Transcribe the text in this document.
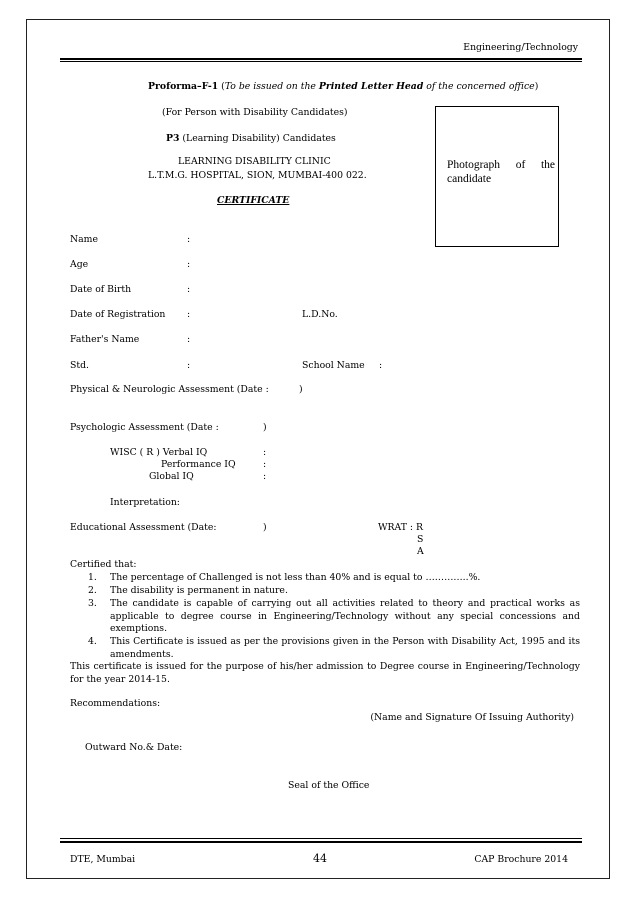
Engineering/Technology
Proforma–F-1 (To be issued on the Printed Letter Head of the concerned office)
(For Person with Disability Candidates)
P3 (Learning Disability) Candidates
LEARNING DISABILITY CLINIC
L.T.M.G. HOSPITAL, SION, MUMBAI-400 022.
CERTIFICATE
Photograph of the
candidate
Name	:
Age	:
Date of Birth	:
Date of Registration :	L.D.No.
Father's Name	:
Std.	:	School Name :
Physical & Neurologic Assessment (Date :	)
Psychologic Assessment (Date :	)
WISC ( R ) Verbal IQ	:
Performance IQ	:
Global IQ	:
Interpretation:
Educational Assessment (Date:	)	WRAT : R
S
A
Certified that:
1.	The percentage of Challenged is not less than 40% and is equal to …………..%.
2.	The disability is permanent in nature.
3.	The candidate is capable of carrying out all activities related to theory and practical works as applicable to degree course in Engineering/Technology without any special concessions and exemptions.
4.	This Certificate is issued as per the provisions given in the Person with Disability Act, 1995 and its amendments.
This certificate is issued for the purpose of his/her admission to Degree course in Engineering/Technology for the year 2014-15.
Recommendations:
(Name and Signature Of Issuing Authority)
Outward No.& Date:
Seal of the Office
DTE, Mumbai	44	CAP Brochure 2014
